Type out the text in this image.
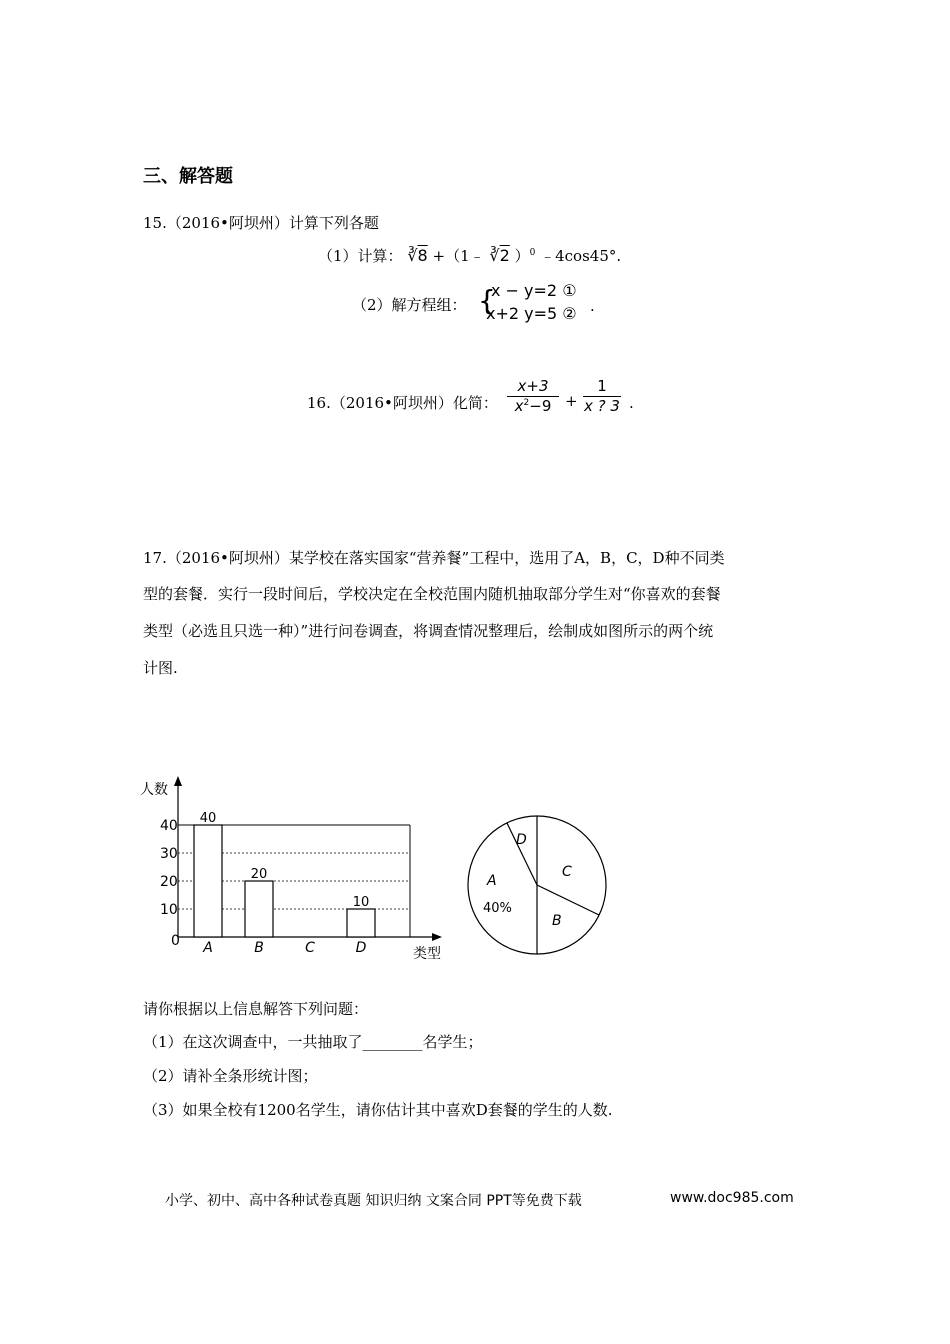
三、解答题
15.（2016•阿坝州）计算下列各题
（1）计算： ∛8 +（1﹣ ∛2 ）$^0$ ﹣4cos45°.
（2）解方程组： {
x − y=2 ①
x+2 y=5 ② .
16.（2016•阿坝州）化简： $\frac{x+3}{x^2-9} + \frac{1}{x ? 3}$ .
17.（2016•阿坝州）某学校在落实国家“营养餐”工程中，选用了A，B，C，D种不同类
型的套餐．实行一段时间后，学校决定在全校范围内随机抽取部分学生对“你喜欢的套餐
类型（必选且只选一种）”进行问卷调查，将调查情况整理后，绘制成如图所示的两个统
计图.
40
20
10
0
10
20
30
40
A	B	C	D
人数
类型
A
40%
B
C
D
请你根据以上信息解答下列问题：
（1）在这次调查中，一共抽取了________名学生；
（2）请补全条形统计图；
（3）如果全校有1200名学生，请你估计其中喜欢D套餐的学生的人数.
小学、初中、高中各种试卷真题 知识归纳 文案合同 PPT等免费下载	www.doc985.com
